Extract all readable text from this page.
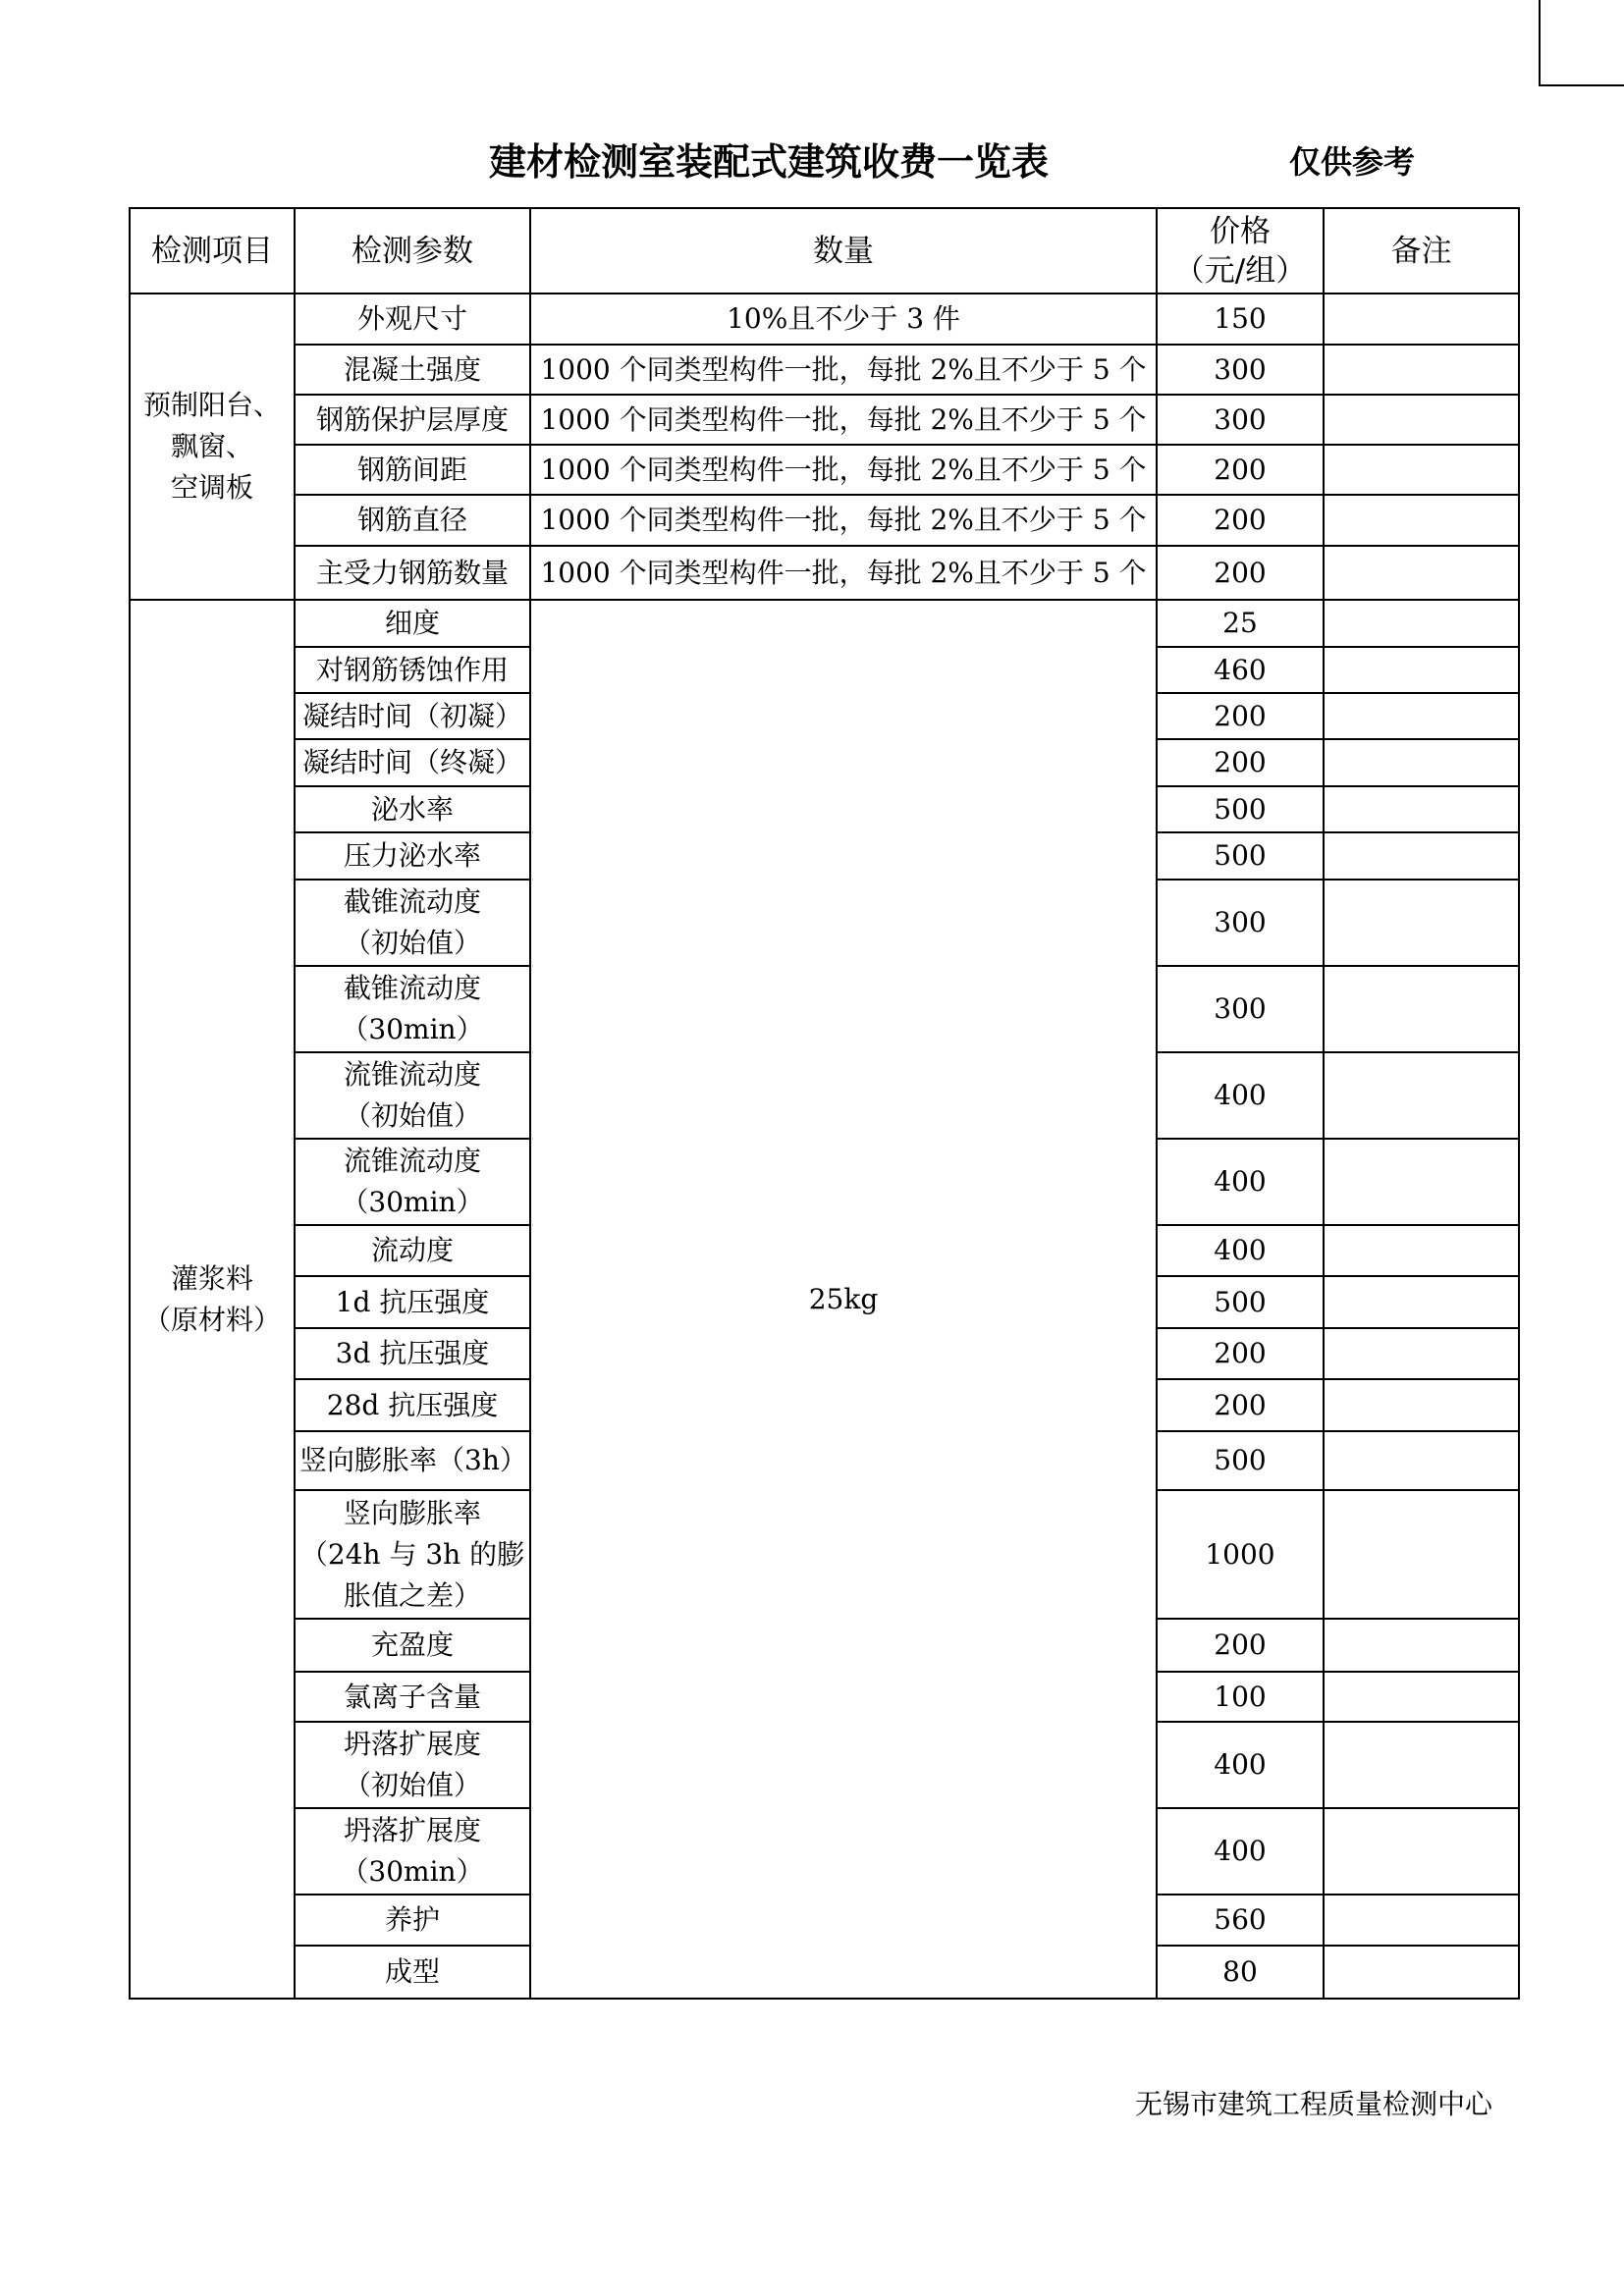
建材检测室装配式建筑收费一览表	仅供参考
检测项目	检测参数	数量	价格
（元/组）	备注

预制阳台、
飘窗、
空调板	外观尺寸	10%且不少于 3 件	150	
	混凝土强度	1000 个同类型构件一批，每批 2%且不少于 5 个	300	
	钢筋保护层厚度	1000 个同类型构件一批，每批 2%且不少于 5 个	300	
	钢筋间距	1000 个同类型构件一批，每批 2%且不少于 5 个	200	
	钢筋直径	1000 个同类型构件一批，每批 2%且不少于 5 个	200	
	主受力钢筋数量	1000 个同类型构件一批，每批 2%且不少于 5 个	200	

灌浆料
（原材料）	细度	25kg	25	
	对钢筋锈蚀作用		460	
	凝结时间（初凝）		200	
	凝结时间（终凝）		200	
	泌水率		500	
	压力泌水率		500	

	截锥流动度
（初始值）		300	

	截锥流动度
（30min）		300	

	流锥流动度
（初始值）		400	

	流锥流动度
（30min）		400	
	流动度		400	
	1d 抗压强度		500	
	3d 抗压强度		200	
	28d 抗压强度		200	
	竖向膨胀率（3h）		500	

	竖向膨胀率
（24h 与 3h 的膨
胀值之差）		1000	
	充盈度		200	
	氯离子含量		100	

	坍落扩展度
（初始值）		400	

	坍落扩展度
（30min）		400	
	养护		560	
	成型		80	
无锡市建筑工程质量检测中心
